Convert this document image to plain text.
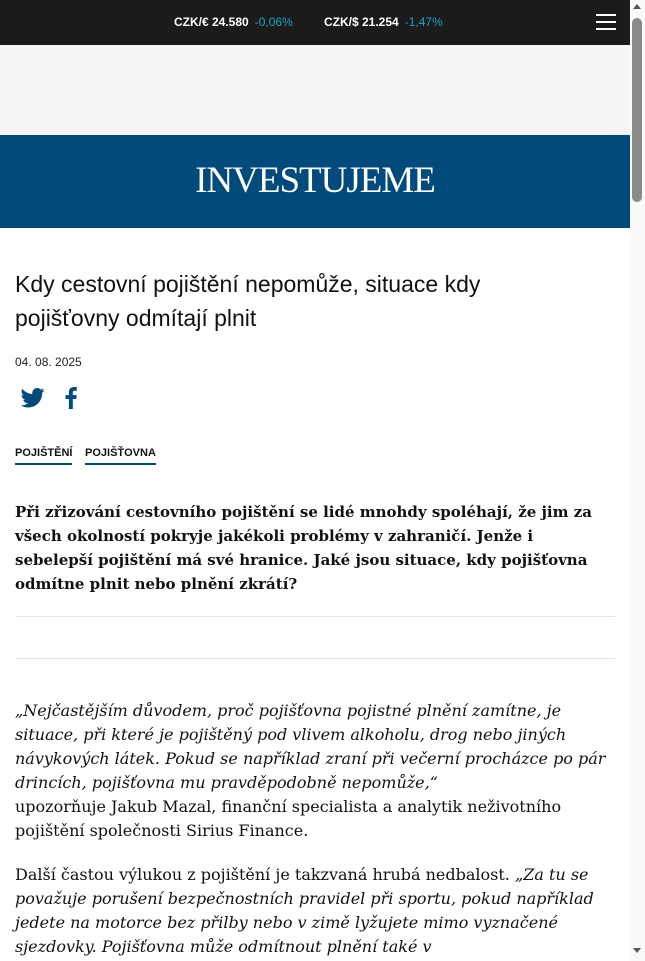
CZK/€ 24.580 -0,06%	CZK/$ 21.254 -1,47%
INVESTUJEME
Kdy cestovní pojištění nepomůže, situace kdy pojišťovny odmítají plnit
04. 08. 2025
POJIŠTĚNÍ POJIŠŤOVNA

Při zřizování cestovního pojištění se lidé mnohdy spoléhají, že jim za všech okolností pokryje jakékoli problémy v zahraničí. Jenže i sebelepší pojištění má své hranice. Jaké jsou situace, kdy pojišťovna odmítne plnit nebo plnění zkrátí?

„Nejčastějším důvodem, proč pojišťovna pojistné plnění zamítne, je situace, při které je pojištěný pod vlivem alkoholu, drog nebo jiných návykových látek. Pokud se například zraní při večerní procházce po pár drincích, pojišťovna mu pravděpodobně nepomůže,“
upozorňuje Jakub Mazal, finanční specialista a analytik neživotního pojištění společnosti Sirius Finance.

Další častou výlukou z pojištění je takzvaná hrubá nedbalost. „Za tu se považuje porušení bezpečnostních pravidel při sportu, pokud například jedete na motorce bez přilby nebo v zimě lyžujete mimo vyznačené sjezdovky. Pojišťovna může odmítnout plnění také v
